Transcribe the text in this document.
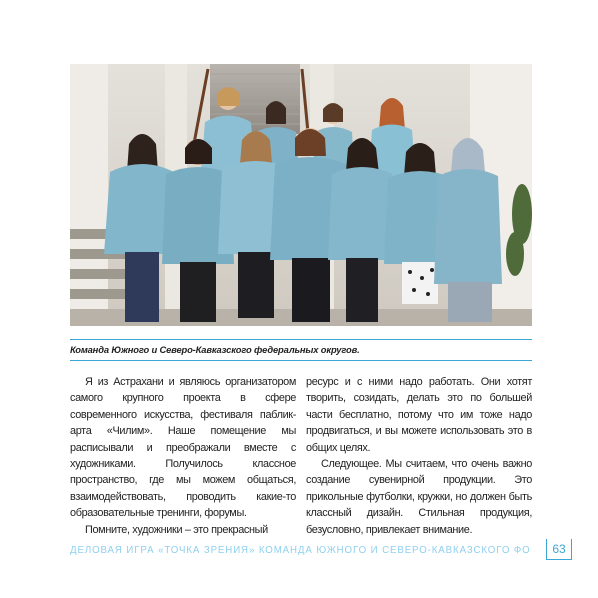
Команда Южного и Северо-Кавказского федеральных округов.

Я из Астрахани и являюсь организатором самого крупного проекта в сфере современного искусства, фестиваля паблик-арта «Чилим». Наше помещение мы расписывали и преображали вместе с художниками. Получилось классное пространство, где мы можем общаться, взаимодействовать, проводить какие-то образовательные тренинги, форумы.

Помните, художники – это прекрасный

ресурс и с ними надо работать. Они хотят творить, созидать, делать это по большей части бесплатно, потому что им тоже надо продвигаться, и вы можете использовать это в общих целях.

Следующее. Мы считаем, что очень важно создание сувенирной продукции. Это прикольные футболки, кружки, но должен быть классный дизайн. Стильная продукция, безусловно, привлекает внимание.

ДЕЛОВАЯ ИГРА «ТОЧКА ЗРЕНИЯ» КОМАНДА ЮЖНОГО И СЕВЕРО-КАВКАЗСКОГО ФО	63
